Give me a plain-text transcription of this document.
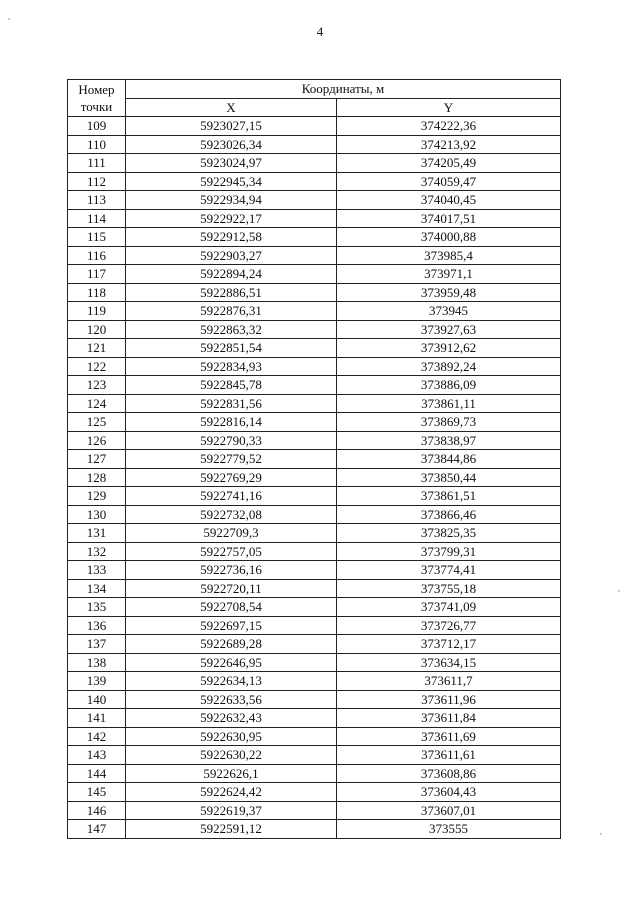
4
Номер
точки	Координаты, м	
	X	Y
109	5923027,15	374222,36
110	5923026,34	374213,92
111	5923024,97	374205,49
112	5922945,34	374059,47
113	5922934,94	374040,45
114	5922922,17	374017,51
115	5922912,58	374000,88
116	5922903,27	373985,4
117	5922894,24	373971,1
118	5922886,51	373959,48
119	5922876,31	373945
120	5922863,32	373927,63
121	5922851,54	373912,62
122	5922834,93	373892,24
123	5922845,78	373886,09
124	5922831,56	373861,11
125	5922816,14	373869,73
126	5922790,33	373838,97
127	5922779,52	373844,86
128	5922769,29	373850,44
129	5922741,16	373861,51
130	5922732,08	373866,46
131	5922709,3	373825,35
132	5922757,05	373799,31
133	5922736,16	373774,41
134	5922720,11	373755,18
135	5922708,54	373741,09
136	5922697,15	373726,77
137	5922689,28	373712,17
138	5922646,95	373634,15
139	5922634,13	373611,7
140	5922633,56	373611,96
141	5922632,43	373611,84
142	5922630,95	373611,69
143	5922630,22	373611,61
144	5922626,1	373608,86
145	5922624,42	373604,43
146	5922619,37	373607,01
147	5922591,12	373555
